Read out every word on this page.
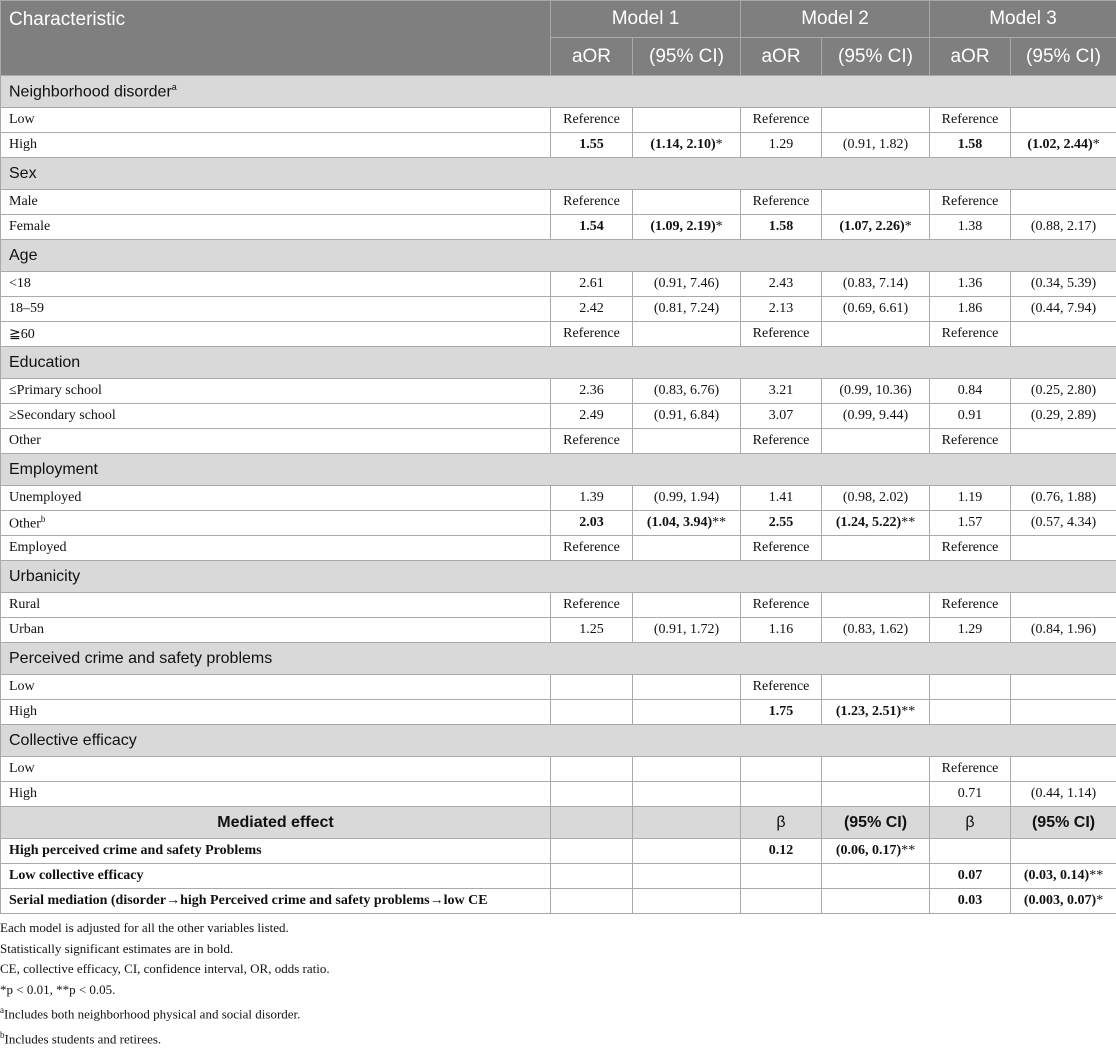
Characteristic	Model 1		Model 2		Model 3	
	aOR	(95% CI)	aOR	(95% CI)	aOR	(95% CI)
Neighborhood disorder$^a$
Low	Reference		Reference		Reference	
High	1.55	(1.14, 2.10)*	1.29	(0.91, 1.82)	1.58	(1.02, 2.44)*
Sex						
Male	Reference		Reference		Reference	
Female	1.54	(1.09, 2.19)*	1.58	(1.07, 2.26)*	1.38	(0.88, 2.17)
Age						
<18	2.61	(0.91, 7.46)	2.43	(0.83, 7.14)	1.36	(0.34, 5.39)
18–59	2.42	(0.81, 7.24)	2.13	(0.69, 6.61)	1.86	(0.44, 7.94)
≧60	Reference		Reference		Reference	
Education						
≤Primary school	2.36	(0.83, 6.76)	3.21	(0.99, 10.36)	0.84	(0.25, 2.80)
≥Secondary school	2.49	(0.91, 6.84)	3.07	(0.99, 9.44)	0.91	(0.29, 2.89)
Other	Reference		Reference		Reference	
Employment						
Unemployed	1.39	(0.99, 1.94)	1.41	(0.98, 2.02)	1.19	(0.76, 1.88)
Other$^b$	2.03	(1.04, 3.94)**	2.55	(1.24, 5.22)**	1.57	(0.57, 4.34)
Employed	Reference		Reference		Reference	
Urbanicity						
Rural	Reference		Reference		Reference	
Urban	1.25	(0.91, 1.72)	1.16	(0.83, 1.62)	1.29	(0.84, 1.96)
Perceived crime and safety problems						
Low			Reference			
High			1.75	(1.23, 2.51)**		
Collective efficacy						
Low					Reference	
High					0.71	(0.44, 1.14)
Mediated effect			β	(95% CI)	β	(95% CI)
High perceived crime and safety Problems			0.12	(0.06, 0.17)**		
Low collective efficacy					0.07	(0.03, 0.14)**
Serial mediation (disorder→high Perceived crime and safety problems→low CE					0.03	(0.003, 0.07)*
Each model is adjusted for all the other variables listed.
Statistically significant estimates are in bold.
CE, collective efficacy, CI, confidence interval, OR, odds ratio.
*p < 0.01, **p < 0.05.
$^a$Includes both neighborhood physical and social disorder.
$^b$Includes students and retirees.
